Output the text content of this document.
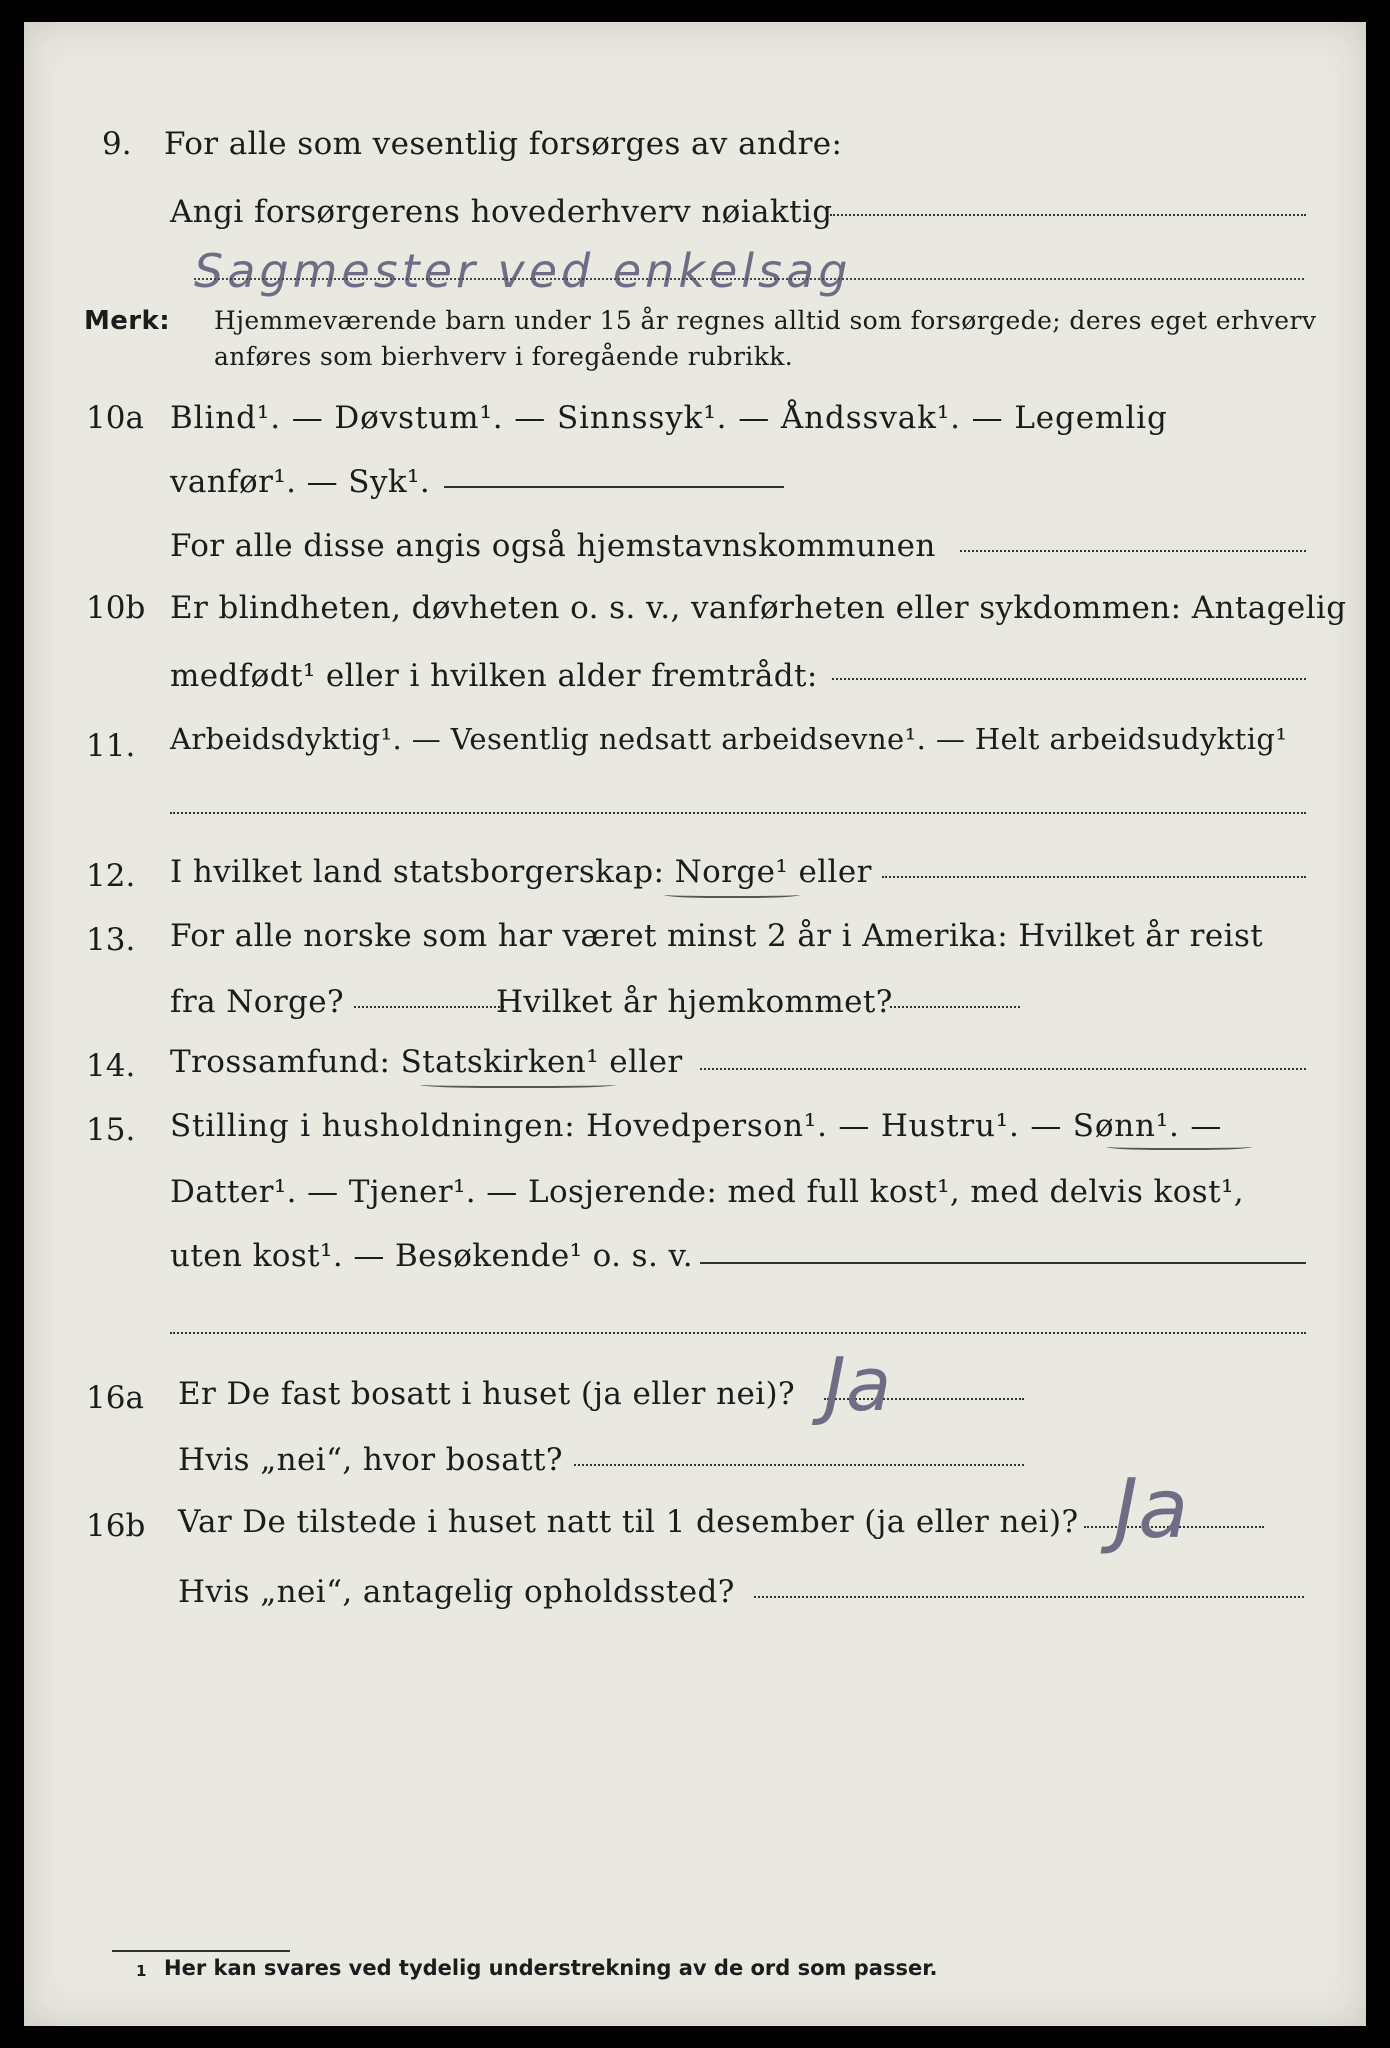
9. For alle som vesentlig forsørges av andre:
Angi forsørgerens hovederhverv nøiaktig
Sagmester ved enkelsag
Merk: Hjemmeværende barn under 15 år regnes alltid som forsørgede; deres eget erhverv
anføres som bierhverv i foregående rubrikk.
10a Blind¹. — Døvstum¹. — Sinnssyk¹. — Åndssvak¹. — Legemlig
vanfør¹. — Syk¹.
For alle disse angis også hjemstavnskommunen
10b Er blindheten, døvheten o. s. v., vanførheten eller sykdommen: Antagelig
medfødt¹ eller i hvilken alder fremtrådt:
11. Arbeidsdyktig¹. — Vesentlig nedsatt arbeidsevne¹. — Helt arbeidsudyktig¹
12. I hvilket land statsborgerskap: Norge¹ eller
13. For alle norske som har været minst 2 år i Amerika: Hvilket år reist
fra Norge?	Hvilket år hjemkommet?
14. Trossamfund: Statskirken¹ eller
15. Stilling i husholdningen: Hovedperson¹. — Hustru¹. — Sønn¹. —
Datter¹. — Tjener¹. — Losjerende: med full kost¹, med delvis kost¹,
uten kost¹. — Besøkende¹ o. s. v.
16a Er De fast bosatt i huset (ja eller nei)? Ja
Hvis „nei“, hvor bosatt?
16b Var De tilstede i huset natt til 1 desember (ja eller nei)? Ja
Hvis „nei“, antagelig opholdssted?
1 Her kan svares ved tydelig understrekning av de ord som passer.
